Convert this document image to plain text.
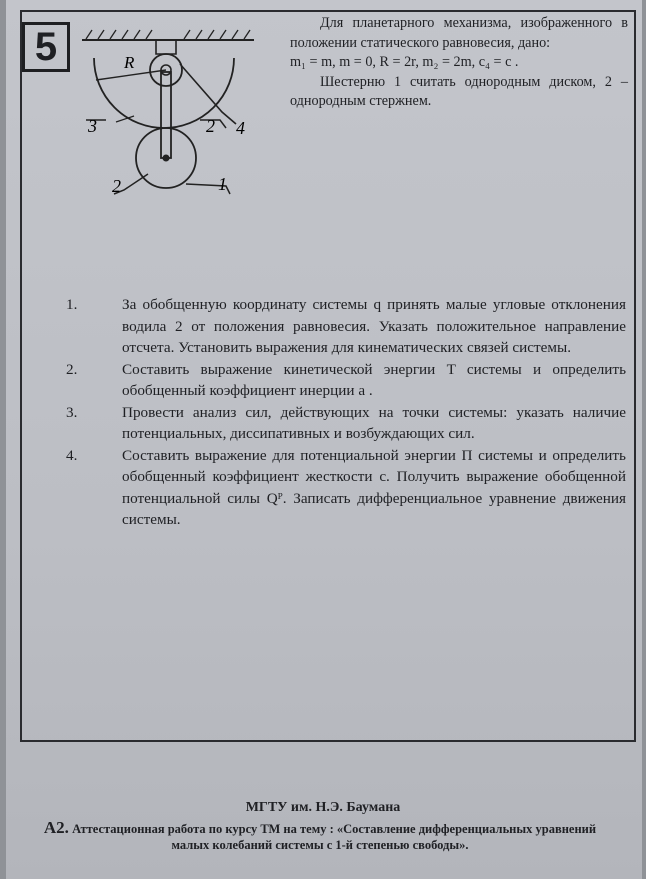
5	R
3	2 4
2	1

Для планетарного механизма, изображенного в положении статического равновесия, дано:

m₁ = m, m = 0, R = 2r, m₂ = 2m, c₄ = c .

Шестерню 1 считать однородным диском, 2 – однородным стержнем.

1.	За обобщенную координату системы q принять малые угловые отклонения водила 2 от положения равновесия. Указать положительное направление отсчета. Установить выражения для кинематических связей системы.
2.	Составить выражение кинетической энергии T системы и определить обобщенный коэффициент инерции a .
3.	Провести анализ сил, действующих на точки системы: указать наличие потенциальных, диссипативных и возбуждающих сил.
4.	Составить выражение для потенциальной энергии П системы и определить обобщенный коэффициент жесткости c. Получить выражение обобщенной потенциальной силы Qᴾ. Записать дифференциальное уравнение движения системы.
МГТУ им. Н.Э. Баумана
А2. Аттестационная работа по курсу ТМ на тему : «Составление дифференциальных уравнений малых колебаний системы с 1-й степенью свободы».
